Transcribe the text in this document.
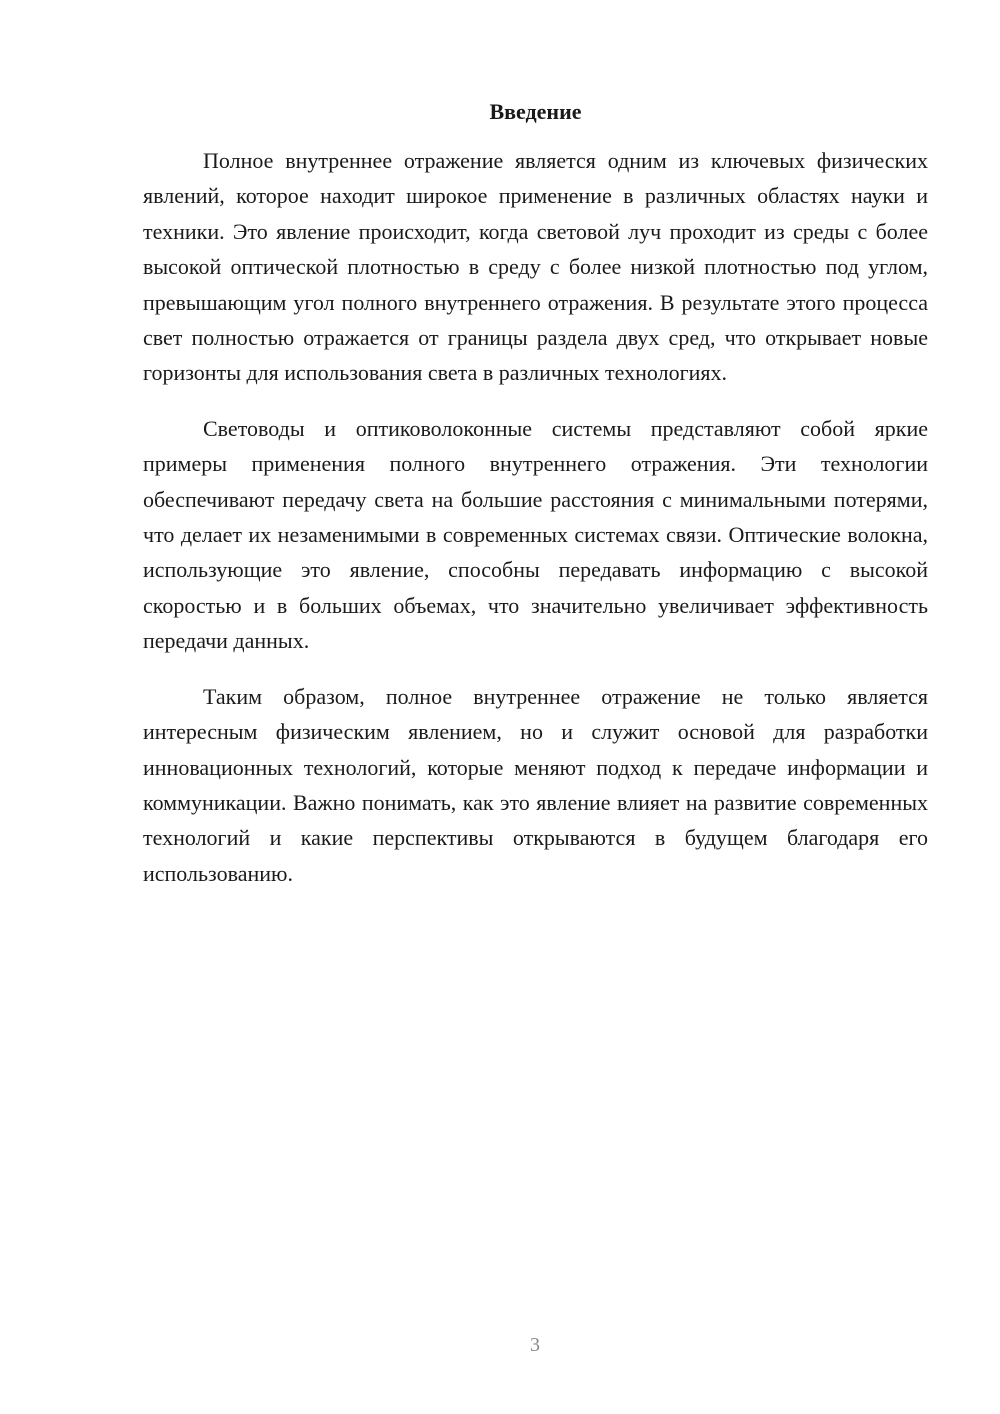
Введение

Полное внутреннее отражение является одним из ключевых физических явлений, которое находит широкое применение в различных областях науки и техники. Это явление происходит, когда световой луч проходит из среды с более высокой оптической плотностью в среду с более низкой плотностью под углом, превышающим угол полного внутреннего отражения. В результате этого процесса свет полностью отражается от границы раздела двух сред, что открывает новые горизонты для использования света в различных технологиях.

Световоды и оптиковолоконные системы представляют собой яркие примеры применения полного внутреннего отражения. Эти технологии обеспечивают передачу света на большие расстояния с минимальными потерями, что делает их незаменимыми в современных системах связи. Оптические волокна, использующие это явление, способны передавать информацию с высокой скоростью и в больших объемах, что значительно увеличивает эффективность передачи данных.

Таким образом, полное внутреннее отражение не только является интересным физическим явлением, но и служит основой для разработки инновационных технологий, которые меняют подход к передаче информации и коммуникации. Важно понимать, как это явление влияет на развитие современных технологий и какие перспективы открываются в будущем благодаря его использованию.

3
